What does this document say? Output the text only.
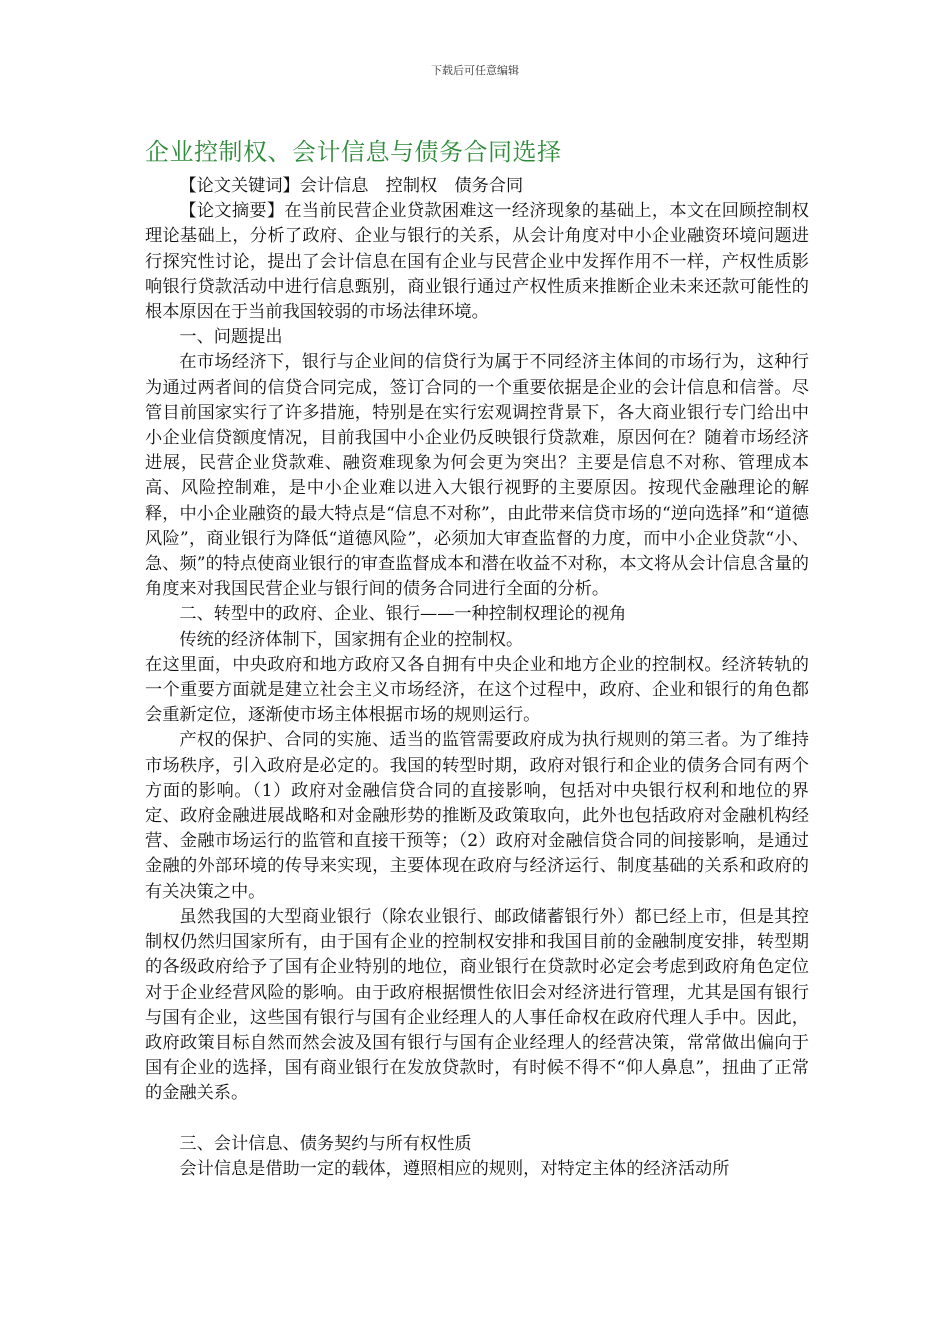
下载后可任意编辑
企业控制权、会计信息与债务合同选择

【论文关键词】会计信息　控制权　债务合同

【论文摘要】在当前民营企业贷款困难这一经济现象的基础上，本文在回顾控制权理论基础上，分析了政府、企业与银行的关系，从会计角度对中小企业融资环境问题进行探究性讨论，提出了会计信息在国有企业与民营企业中发挥作用不一样，产权性质影响银行贷款活动中进行信息甄别，商业银行通过产权性质来推断企业未来还款可能性的根本原因在于当前我国较弱的市场法律环境。

一、问题提出

在市场经济下，银行与企业间的信贷行为属于不同经济主体间的市场行为，这种行为通过两者间的信贷合同完成，签订合同的一个重要依据是企业的会计信息和信誉。尽管目前国家实行了许多措施，特别是在实行宏观调控背景下，各大商业银行专门给出中小企业信贷额度情况，目前我国中小企业仍反映银行贷款难，原因何在？随着市场经济进展，民营企业贷款难、融资难现象为何会更为突出？主要是信息不对称、管理成本高、风险控制难，是中小企业难以进入大银行视野的主要原因。按现代金融理论的解释，中小企业融资的最大特点是“信息不对称”，由此带来信贷市场的“逆向选择”和“道德风险”，商业银行为降低“道德风险”，必须加大审查监督的力度，而中小企业贷款“小、急、频”的特点使商业银行的审查监督成本和潜在收益不对称，本文将从会计信息含量的角度来对我国民营企业与银行间的债务合同进行全面的分析。

二、转型中的政府、企业、银行——一种控制权理论的视角

传统的经济体制下，国家拥有企业的控制权。

在这里面，中央政府和地方政府又各自拥有中央企业和地方企业的控制权。经济转轨的一个重要方面就是建立社会主义市场经济，在这个过程中，政府、企业和银行的角色都会重新定位，逐渐使市场主体根据市场的规则运行。

产权的保护、合同的实施、适当的监管需要政府成为执行规则的第三者。为了维持市场秩序，引入政府是必定的。我国的转型时期，政府对银行和企业的债务合同有两个方面的影响。（1）政府对金融信贷合同的直接影响，包括对中央银行权利和地位的界定、政府金融进展战略和对金融形势的推断及政策取向，此外也包括政府对金融机构经营、金融市场运行的监管和直接干预等；（2）政府对金融信贷合同的间接影响，是通过金融的外部环境的传导来实现，主要体现在政府与经济运行、制度基础的关系和政府的有关决策之中。

虽然我国的大型商业银行（除农业银行、邮政储蓄银行外）都已经上市，但是其控制权仍然归国家所有，由于国有企业的控制权安排和我国目前的金融制度安排，转型期的各级政府给予了国有企业特别的地位，商业银行在贷款时必定会考虑到政府角色定位对于企业经营风险的影响。由于政府根据惯性依旧会对经济进行管理，尤其是国有银行与国有企业，这些国有银行与国有企业经理人的人事任命权在政府代理人手中。因此，政府政策目标自然而然会波及国有银行与国有企业经理人的经营决策，常常做出偏向于国有企业的选择，国有商业银行在发放贷款时，有时候不得不“仰人鼻息”，扭曲了正常的金融关系。

三、会计信息、债务契约与所有权性质

会计信息是借助一定的载体，遵照相应的规则，对特定主体的经济活动所
